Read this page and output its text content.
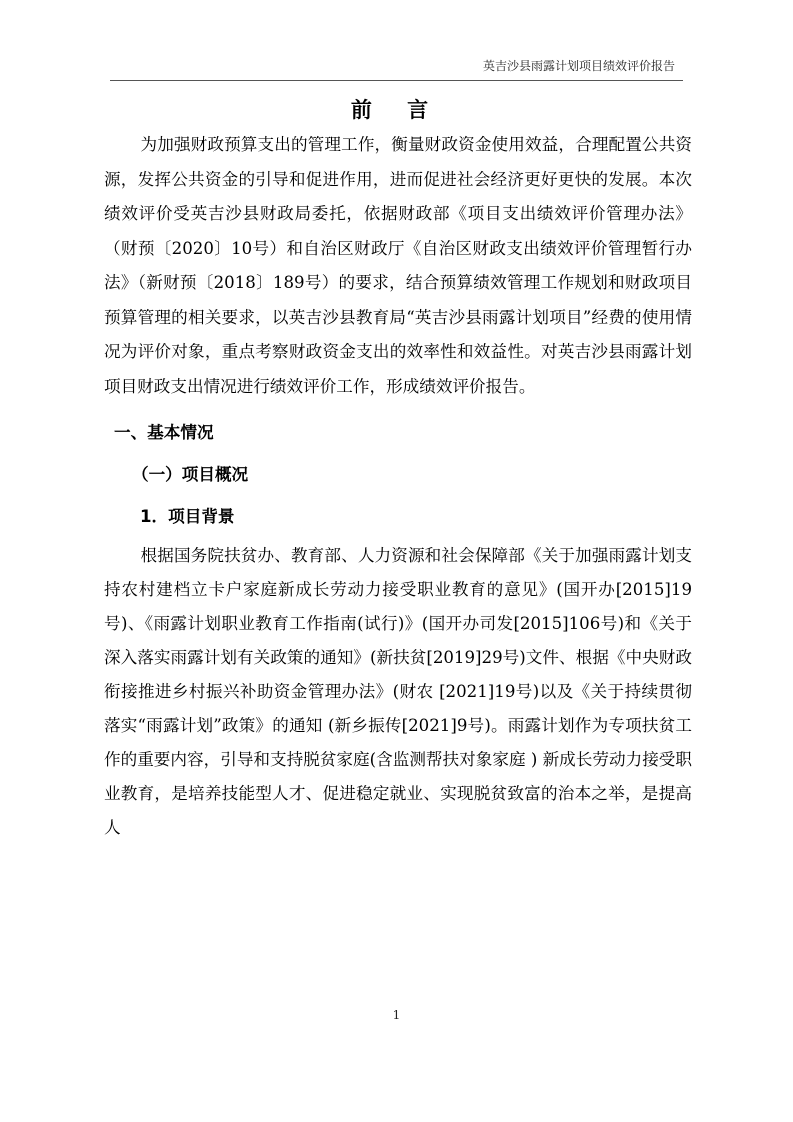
英吉沙县雨露计划项目绩效评价报告
前 言

为加强财政预算支出的管理工作，衡量财政资金使用效益，合理配置公共资源，发挥公共资金的引导和促进作用，进而促进社会经济更好更快的发展。本次绩效评价受英吉沙县财政局委托，依据财政部《项目支出绩效评价管理办法》（财预〔2020〕10号）和自治区财政厅《自治区财政支出绩效评价管理暂行办法》（新财预〔2018〕189号）的要求，结合预算绩效管理工作规划和财政项目预算管理的相关要求，以英吉沙县教育局“英吉沙县雨露计划项目”经费的使用情况为评价对象，重点考察财政资金支出的效率性和效益性。对英吉沙县雨露计划项目财政支出情况进行绩效评价工作，形成绩效评价报告。

一、基本情况
（一）项目概况
1．项目背景

根据国务院扶贫办、教育部、人力资源和社会保障部《关于加强雨露计划支持农村建档立卡户家庭新成长劳动力接受职业教育的意见》(国开办[2015]19号)、《雨露计划职业教育工作指南(试行)》(国开办司发[2015]106号)和《关于深入落实雨露计划有关政策的通知》(新扶贫[2019]29号)文件、根据《中央财政衔接推进乡村振兴补助资金管理办法》(财农 [2021]19号)以及《关于持续贯彻落实“雨露计划”政策》的通知 (新乡振传[2021]9号)。雨露计划作为专项扶贫工作的重要内容，引导和支持脱贫家庭(含监测帮扶对象家庭 ) 新成长劳动力接受职业教育，是培养技能型人才、促进稳定就业、实现脱贫致富的治本之举，是提高人

1
